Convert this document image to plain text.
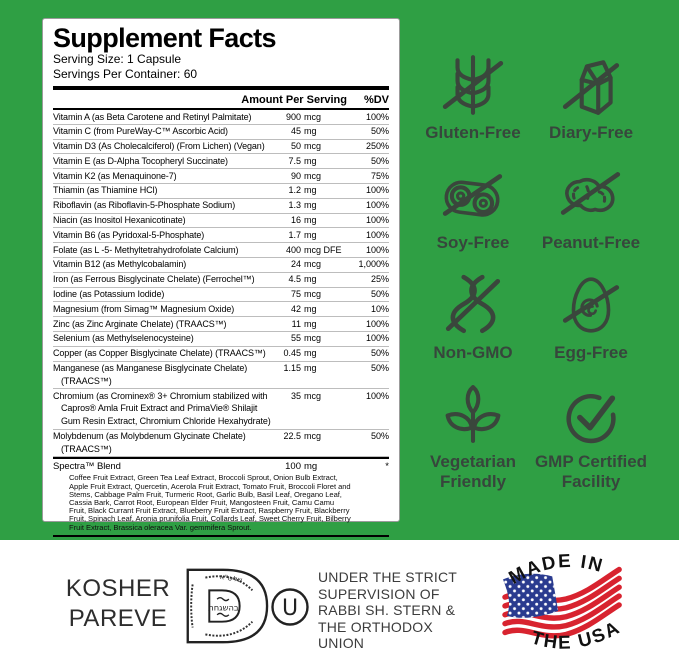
Supplement Facts
Serving Size: 1 Capsule
Servings Per Container: 60
Amount Per Serving	%DV
Vitamin A (as Beta Carotene and Retinyl Palmitate)	900 mcg	100%
Vitamin C (from PureWay-C™ Ascorbic Acid)	45 mg	50%
Vitamin D3 (As Cholecalciferol) (From Lichen) (Vegan)	50 mcg	250%
Vitamin E (as D-Alpha Tocopheryl Succinate)	7.5 mg	50%
Vitamin K2 (as Menaquinone-7)	90 mcg	75%
Thiamin (as Thiamine HCl)	1.2 mg	100%
Riboflavin (as Riboflavin-5-Phosphate Sodium)	1.3 mg	100%
Niacin (as Inositol Hexanicotinate)	16 mg	100%
Vitamin B6 (as Pyridoxal-5-Phosphate)	1.7 mg	100%
Folate (as L -5- Methyltetrahydrofolate Calcium)	400 mcg DFE	100%
Vitamin B12 (as Methylcobalamin)	24 mcg	1,000%
Iron (as Ferrous Bisglycinate Chelate) (Ferrochel™)	4.5 mg	25%
Iodine (as Potassium Iodide)	75 mcg	50%
Magnesium (from Simag™ Magnesium Oxide)	42 mg	10%
Zinc (as Zinc Arginate Chelate) (TRAACS™)	11 mg	100%
Selenium (as Methylselenocysteine)	55 mcg	100%
Copper (as Copper Bisglycinate Chelate) (TRAACS™)	0.45 mg	50%
Manganese (as Manganese Bisglycinate Chelate) (TRAACS™)
1.15 mg	50%
Chromium (as Crominex® 3+ Chromium stabilized with Capros® Amla Fruit Extract and PrimaVie® Shilajit Gum Resin Extract, Chromium Chloride Hexahydrate)
35 mcg	100%
Molybdenum (as Molybdenum Glycinate Chelate) (TRAACS™)
22.5 mcg	50%
Spectra™ Blend	100 mg	*
Coffee Fruit Extract, Green Tea Leaf Extract, Broccoli Sprout, Onion Bulb Extract, Apple Fruit Extract, Quercetin, Acerola Fruit Extract, Tomato Fruit, Broccoli Floret and Stems, Cabbage Palm Fruit, Turmeric Root, Garlic Bulb, Basil Leaf, Oregano Leaf, Cassia Bark, Carrot Root, European Elder Fruit, Mangosteen Fruit, Camu Camu Fruit, Black Currant Fruit Extract, Blueberry Fruit Extract, Raspberry Fruit, Blackberry Fruit, Spinach Leaf, Aronia prunifolia Fruit, Collards Leaf, Sweet Cherry Fruit, Bilberry Fruit Extract, Brassica oleracea Var. gemmifera Sprout.
Gluten-Free	Diary-Free
Soy-Free	Peanut-Free
Non-GMO	Egg-Free
Vegetarian Friendly
GMP Certified Facility
KOSHER
PAREVE
שליט"א
בהשגחת U
UNDER THE STRICT
SUPERVISION OF
RABBI SH. STERN &
THE ORTHODOX
UNION
MADE IN
THE USA
